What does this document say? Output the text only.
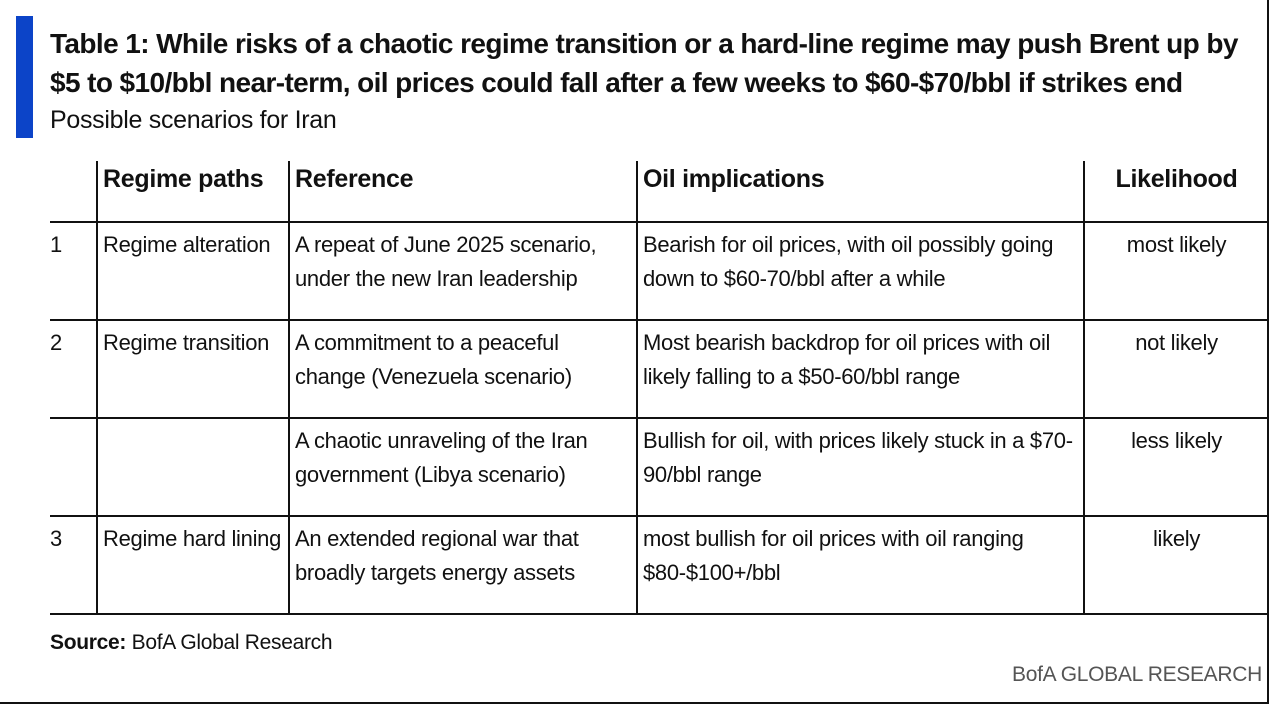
Table 1: While risks of a chaotic regime transition or a hard-line regime may push Brent up by $5 to $10/bbl near-term, oil prices could fall after a few weeks to $60-$70/bbl if strikes end

Possible scenarios for Iran

	Regime paths	Reference	Oil implications	Likelihood
1	Regime alteration	A repeat of June 2025 scenario, under the new Iran leadership	Bearish for oil prices, with oil possibly going down to $60-70/bbl after a while	most likely
2	Regime transition	A commitment to a peaceful change (Venezuela scenario)	Most bearish backdrop for oil prices with oil likely falling to a $50-60/bbl range	not likely
		A chaotic unraveling of the Iran government (Libya scenario)	Bullish for oil, with prices likely stuck in a $70-90/bbl range	less likely
3	Regime hard lining	An extended regional war that broadly targets energy assets	most bullish for oil prices with oil ranging $80-$100+/bbl	likely

Source: BofA Global Research

BofA GLOBAL RESEARCH
